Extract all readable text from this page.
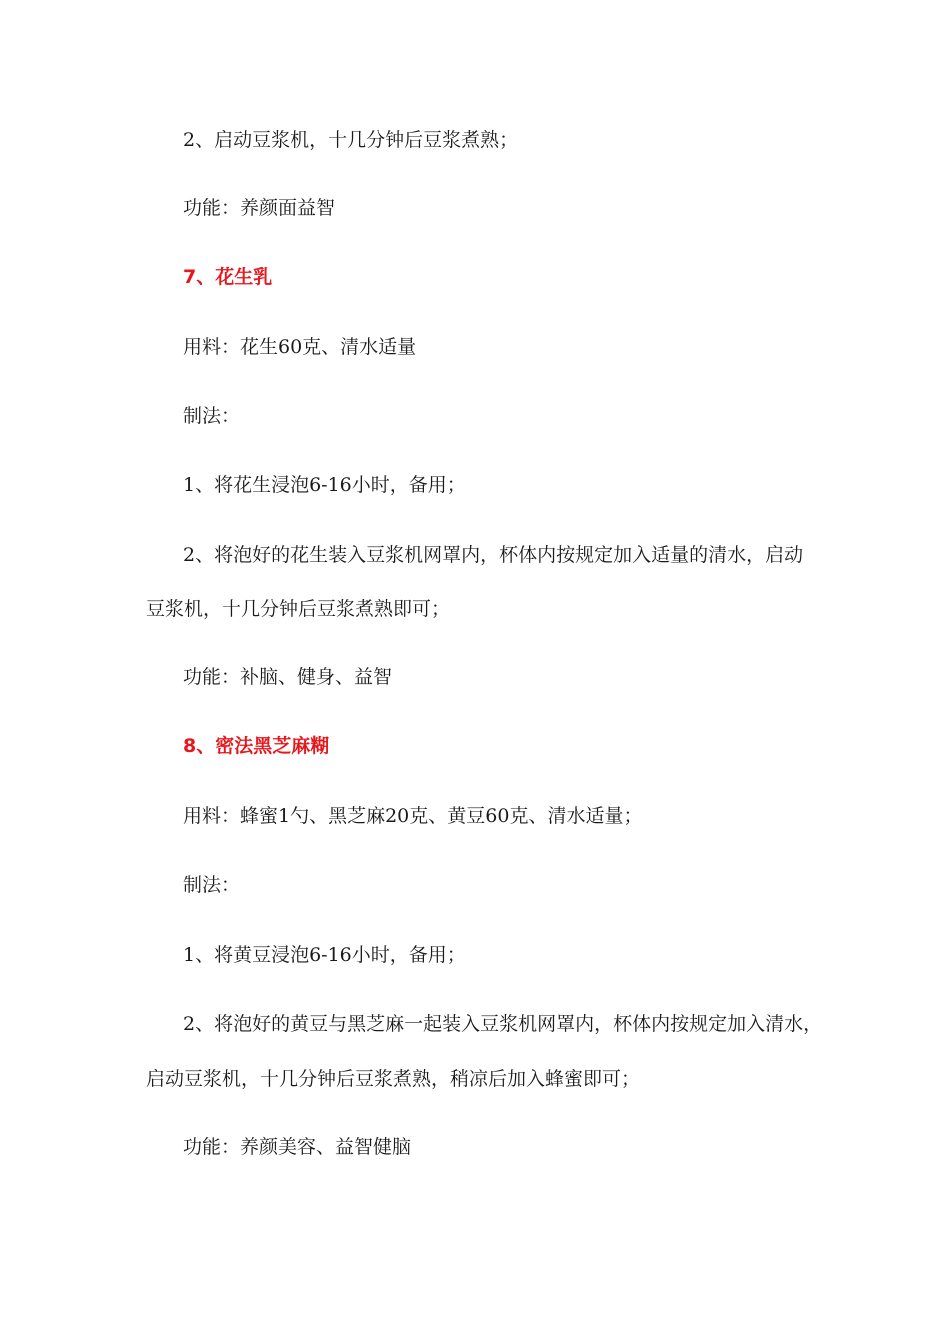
2、启动豆浆机，十几分钟后豆浆煮熟；
功能：养颜面益智
7、花生乳
用料：花生60克、清水适量
制法：
1、将花生浸泡6-16小时，备用；
2、将泡好的花生装入豆浆机网罩内，杯体内按规定加入适量的清水，启动
豆浆机，十几分钟后豆浆煮熟即可；
功能：补脑、健身、益智
8、密法黑芝麻糊
用料：蜂蜜1勺、黑芝麻20克、黄豆60克、清水适量；
制法：
1、将黄豆浸泡6-16小时，备用；
2、将泡好的黄豆与黑芝麻一起装入豆浆机网罩内，杯体内按规定加入清水，
启动豆浆机，十几分钟后豆浆煮熟，稍凉后加入蜂蜜即可；
功能：养颜美容、益智健脑
